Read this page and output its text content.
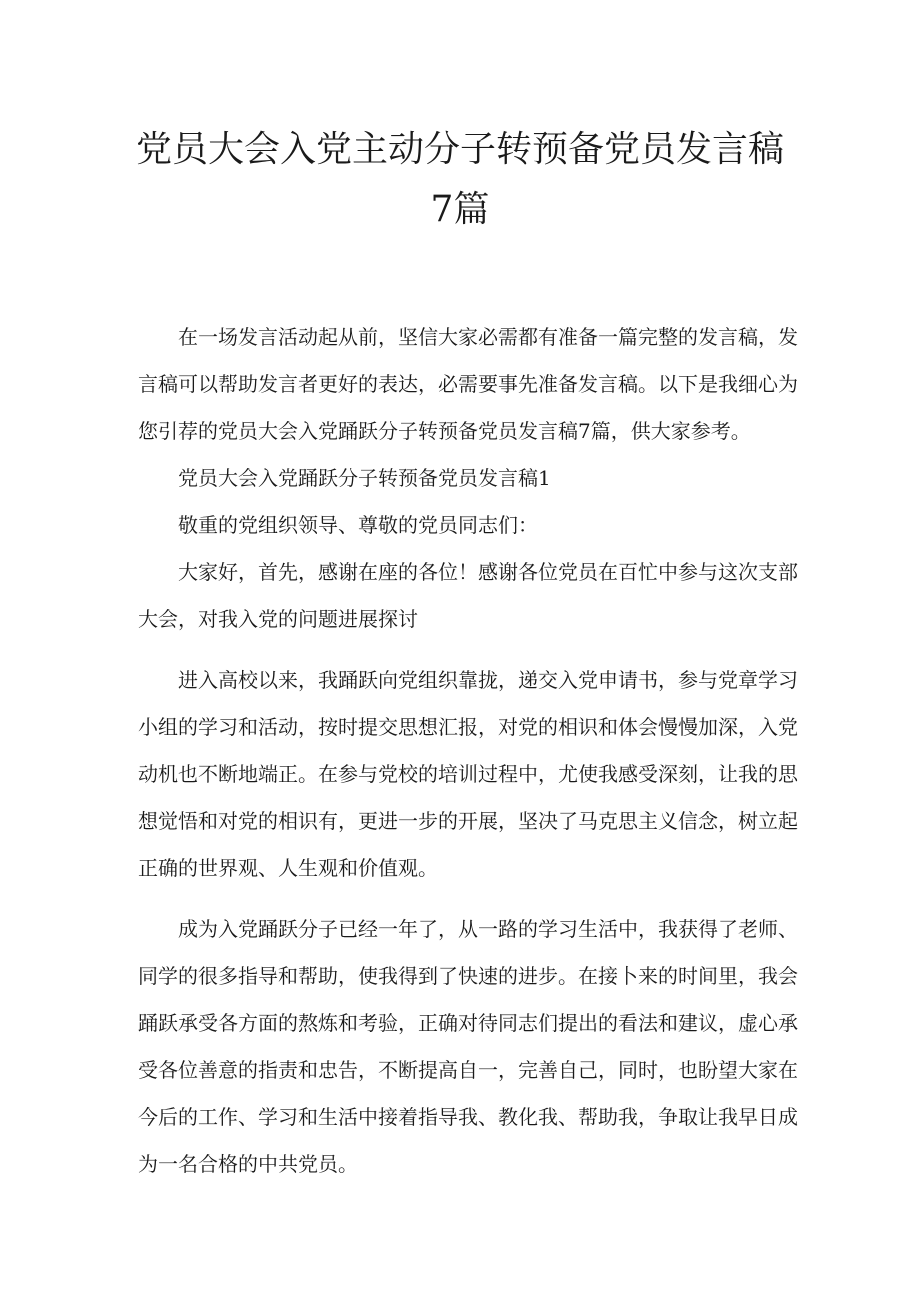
党员大会入党主动分子转预备党员发言稿7篇

在一场发言活动起从前，坚信大家必需都有准备一篇完整的发言稿，发言稿可以帮助发言者更好的表达，必需要事先准备发言稿。以下是我细心为您引荐的党员大会入党踊跃分子转预备党员发言稿7篇，供大家参考。

党员大会入党踊跃分子转预备党员发言稿1

敬重的党组织领导、尊敬的党员同志们：

大家好，首先，感谢在座的各位！感谢各位党员在百忙中参与这次支部大会，对我入党的问题进展探讨

进入高校以来，我踊跃向党组织靠拢，递交入党申请书，参与党章学习小组的学习和活动，按时提交思想汇报，对党的相识和体会慢慢加深，入党动机也不断地端正。在参与党校的培训过程中，尤使我感受深刻，让我的思想觉悟和对党的相识有，更进一步的开展，坚决了马克思主义信念，树立起正确的世界观、人生观和价值观。

成为入党踊跃分子已经一年了，从一路的学习生活中，我获得了老师、同学的很多指导和帮助，使我得到了快速的进步。在接卜来的时间里，我会踊跃承受各方面的熬炼和考验，正确对待同志们提出的看法和建议，虚心承受各位善意的指责和忠告，不断提高自一，完善自己，同时，也盼望大家在今后的工作、学习和生活中接着指导我、教化我、帮助我，争取让我早日成为一名合格的中共党员。
